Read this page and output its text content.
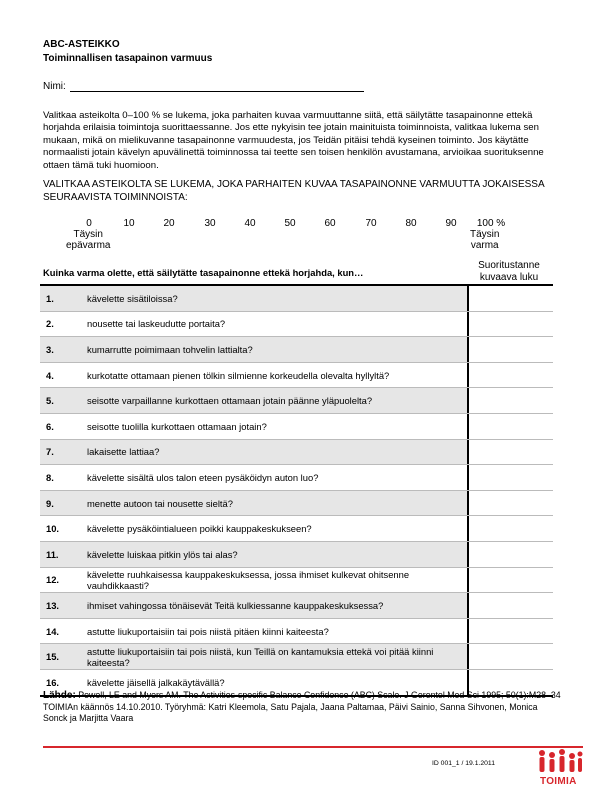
ABC-ASTEIKKO
Toiminnallisen tasapainon varmuus
Nimi:
Valitkaa asteikolta 0–100 % se lukema, joka parhaiten kuvaa varmuuttanne siitä, että säilytätte tasapainonne ettekä horjahda erilaisia toimintoja suorittaessanne. Jos ette nykyisin tee jotain mainituista toiminnoista, valitkaa lukema sen mukaan, mikä on mielikuvanne tasapainonne varmuudesta, jos Teidän pitäisi tehdä kyseinen toiminto. Jos käytätte normaalisti jotain kävelyn apuvälinettä toiminnossa tai teette sen toisen henkilön avustamana, arvioikaa suorituksenne ottaen tämä tuki huomioon.
VALITKAA ASTEIKOLTA SE LUKEMA, JOKA PARHAITEN KUVAA TASAPAINONNE VARMUUTTA JOKAISESSA SEURAAVISTA TOIMINNOISTA:
0	10	20	30	40	50	60	70	80	90 100 %
Täysin
epävarma
Täysin
varma
Kuinka varma olette, että säilytätte tasapainonne ettekä horjahda, kun…
Suoritustanne
kuvaava luku
1.	kävelette sisätiloissa?
2.	nousette tai laskeudutte portaita?
3.	kumarrutte poimimaan tohvelin lattialta?
4.	kurkotatte ottamaan pienen tölkin silmienne korkeudella olevalta hyllyltä?
5.	seisotte varpaillanne kurkottaen ottamaan jotain päänne yläpuolelta?
6.	seisotte tuolilla kurkottaen ottamaan jotain?
7.	lakaisette lattiaa?
8.	kävelette sisältä ulos talon eteen pysäköidyn auton luo?
9.	menette autoon tai nousette sieltä?
10.	kävelette pysäköintialueen poikki kauppakeskukseen?
11.	kävelette luiskaa pitkin ylös tai alas?
12.	kävelette ruuhkaisessa kauppakeskuksessa, jossa ihmiset kulkevat ohitsenne vauhdikkaasti?
13.	ihmiset vahingossa tönäisevät Teitä kulkiessanne kauppakeskuksessa?
14.	astutte liukuportaisiin tai pois niistä pitäen kiinni kaiteesta?
15.	astutte liukuportaisiin tai pois niistä, kun Teillä on kantamuksia ettekä voi pitää kiinni kaiteesta?
16.	kävelette jäisellä jalkakäytävällä?
Lähde: Powell, LE and Myers AM. The Activities-specific Balance Confidence (ABC) Scale. J Gerontol Med Sci 1995; 50(1):M28–34
TOIMIAn käännös 14.10.2010. Työryhmä: Katri Kleemola, Satu Pajala, Jaana Paltamaa, Päivi Sainio, Sanna Sihvonen, Monica Sonck ja Marjitta Vaara
ID 001_1 / 19.1.2011
TOIMIA
